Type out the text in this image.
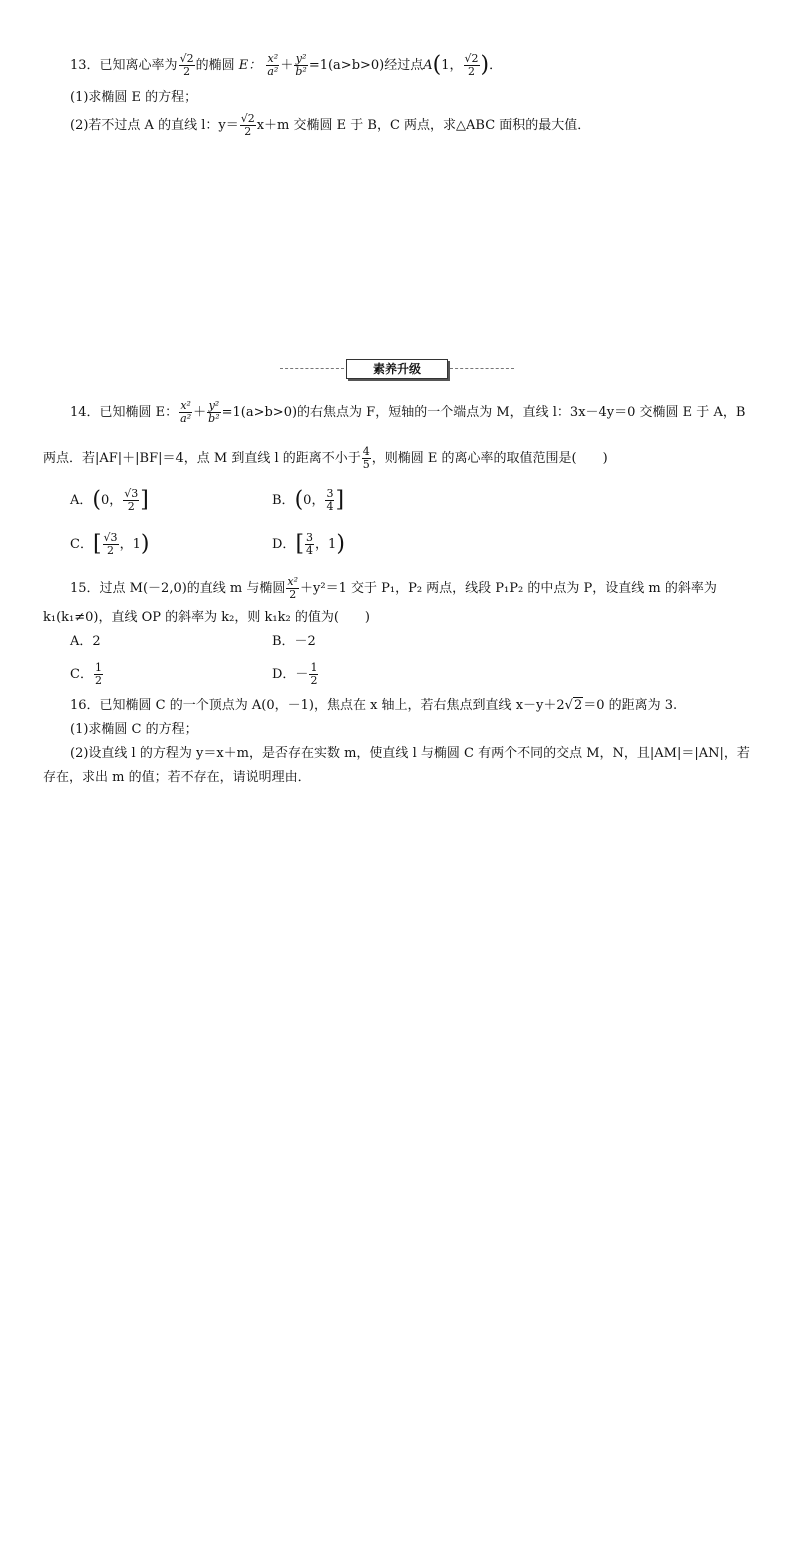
13．已知离心率为 $\frac{√2}{2}$ 的椭圆 E： $\frac{\text{x²}}{\text{a²}} + \frac{\text{y²}}{\text{b²}} =1(a>b>0)$经过点A(1， $\frac{√2}{2}$ )．
(1)求椭圆 E 的方程；
(2)若不过点 A 的直线 l：$y= \frac{√2}{2} x+m$ 交椭圆 E 于 B，C 两点，求△ABC 面积的最大值．
素养升级
14．已知椭圆 E： $\frac{\text{x²}}{\text{a²}} + \frac{\text{y²}}{\text{b²}} =1(a>b>0)$的右焦点为 F，短轴的一个端点为 M，直线 l：3x－4y＝0 交椭圆 E 于 A，B
两点．若|AF|＋|BF|＝4，点 M 到直线 l 的距离不小于 $\frac{4}{5}$ ，则椭圆 E 的离心率的取值范围是(　　)
A．(0， $\frac{√3}{2}$ ]	B．(0， $\frac{3}{4}$ ]
C．[ $\frac{√3}{2}$ ，1)	D．[ $\frac{3}{4}$ ，1)
15．过点 M(－2,0)的直线 m 与椭圆 $\frac{\text{x²}}{2} +y^2=1$ 交于 P₁，P₂ 两点，线段 P₁P₂ 的中点为 P，设直线 m 的斜率为
k₁(k₁≠0)，直线 OP 的斜率为 k₂，则 k₁k₂ 的值为(　　)
A．2	B．－2
C． $\frac{1}{2}$	D．－ $\frac{1}{2}$
16．已知椭圆 C 的一个顶点为 A(0，－1)，焦点在 x 轴上，若右焦点到直线 x－y＋2√2＝0 的距离为 3.
(1)求椭圆 C 的方程；
(2)设直线 l 的方程为 y＝x＋m，是否存在实数 m，使直线 l 与椭圆 C 有两个不同的交点 M，N，且|AM|＝|AN|，若
存在，求出 m 的值；若不存在，请说明理由．
